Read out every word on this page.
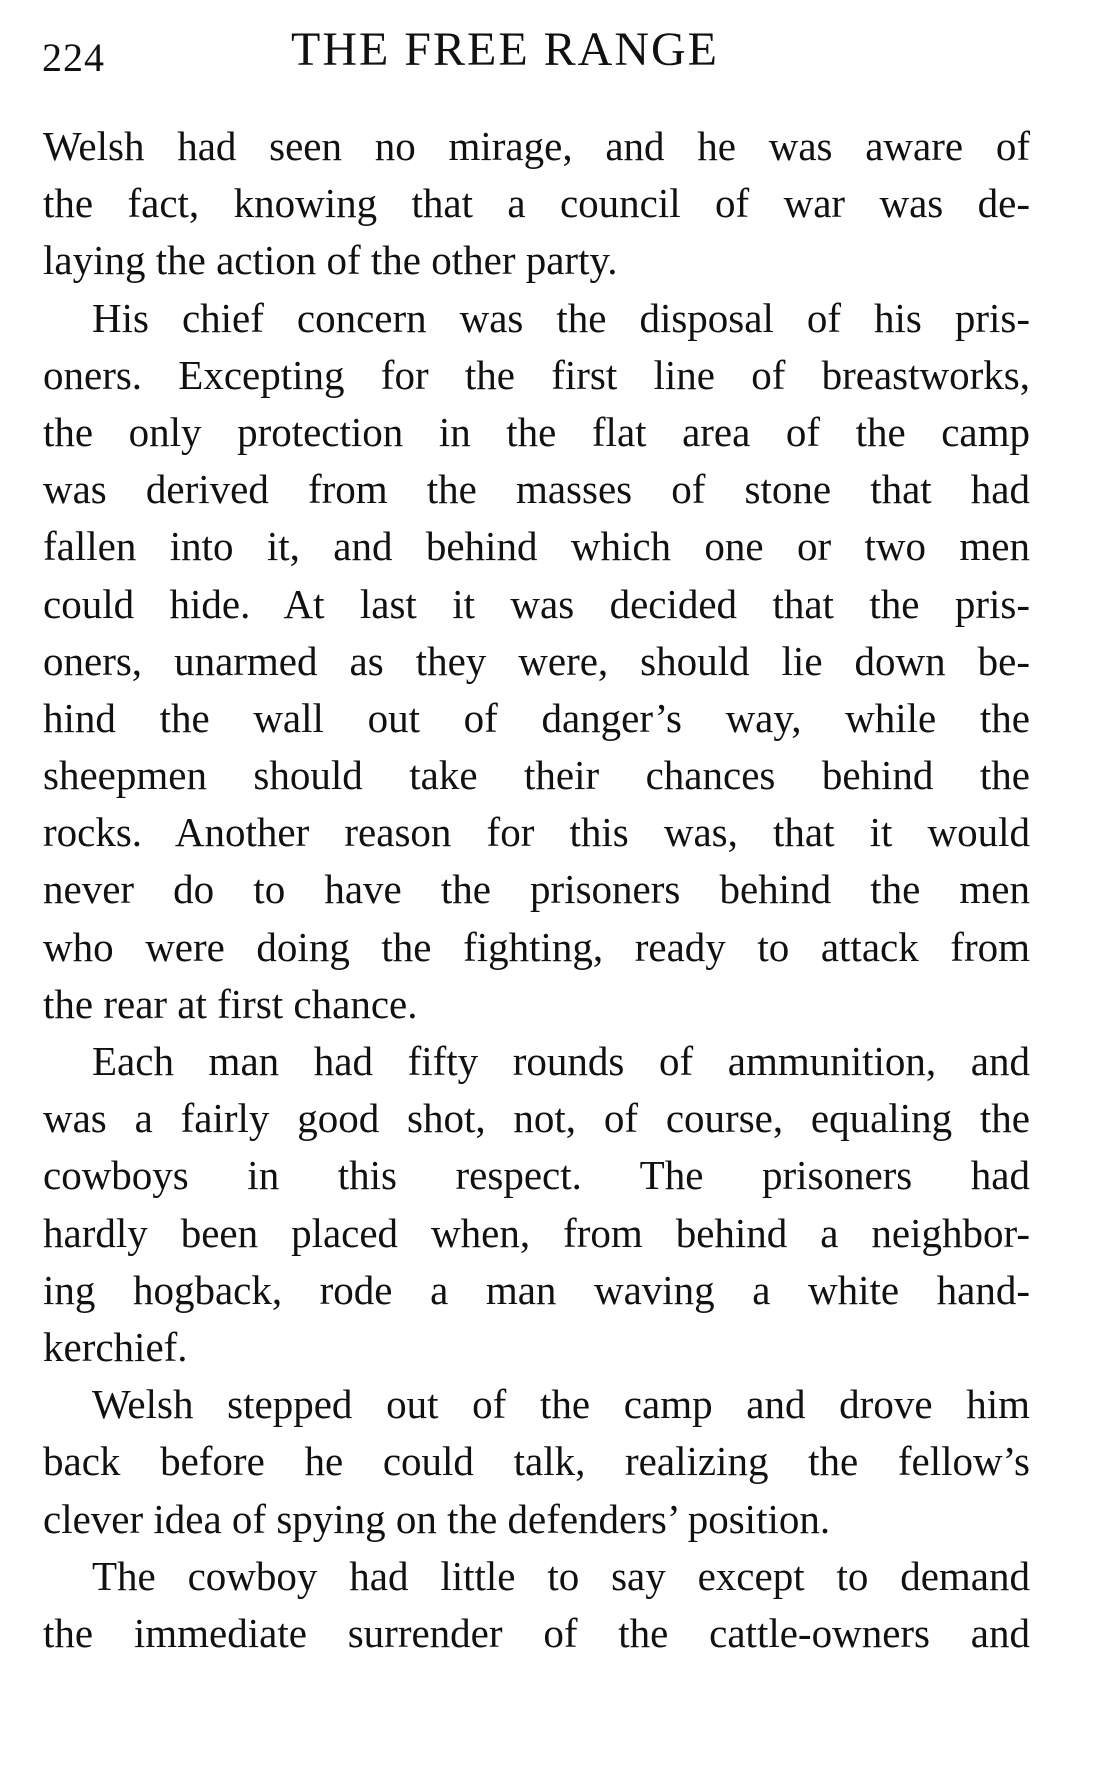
224	THE FREE RANGE
Welsh had seen no mirage, and he was aware of
the fact, knowing that a council of war was de-
laying the action of the other party.
His chief concern was the disposal of his pris-
oners. Excepting for the first line of breastworks,
the only protection in the flat area of the camp
was derived from the masses of stone that had
fallen into it, and behind which one or two men
could hide. At last it was decided that the pris-
oners, unarmed as they were, should lie down be-
hind the wall out of danger’s way, while the
sheepmen should take their chances behind the
rocks. Another reason for this was, that it would
never do to have the prisoners behind the men
who were doing the fighting, ready to attack from
the rear at first chance.
Each man had fifty rounds of ammunition, and
was a fairly good shot, not, of course, equaling the
cowboys in this respect. The prisoners had
hardly been placed when, from behind a neighbor-
ing hogback, rode a man waving a white hand-
kerchief.
Welsh stepped out of the camp and drove him
back before he could talk, realizing the fellow’s
clever idea of spying on the defenders’ position.
The cowboy had little to say except to demand
the immediate surrender of the cattle-owners and
